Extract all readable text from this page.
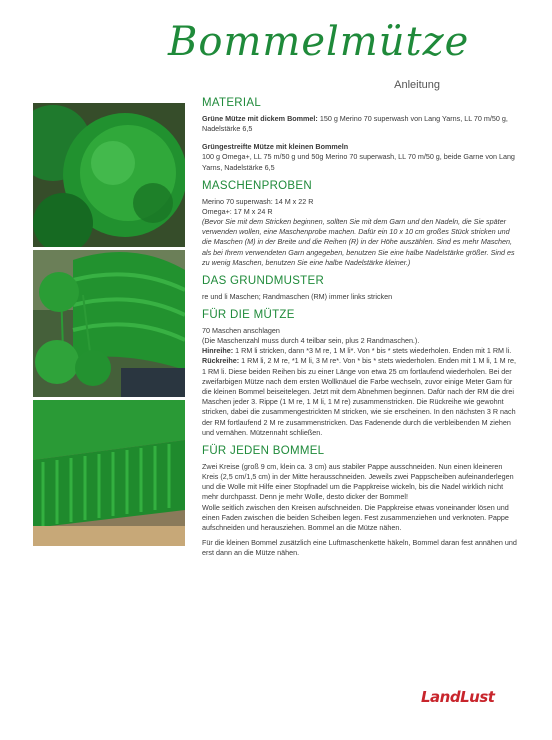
Bommelmütze
Anleitung
MATERIAL
Grüne Mütze mit dickem Bommel: 150 g Merino 70 superwash von Lang Yarns, LL 70 m/50 g, Nadelstärke 6,5
Grüngestreifte Mütze mit kleinen Bommeln
100 g Omega+, LL 75 m/50 g und 50g Merino 70 superwash, LL 70 m/50 g, beide Garne von Lang Yarns, Nadelstärke 6,5
MASCHENPROBEN
Merino 70 superwash: 14 M x 22 R
Omega+: 17 M x 24 R
(Bevor Sie mit dem Stricken beginnen, sollten Sie mit dem Garn und den Nadeln, die Sie später verwenden wollen, eine Maschenprobe machen. Dafür ein 10 x 10 cm großes Stück stricken und die Maschen (M) in der Breite und die Reihen (R) in der Höhe auszählen. Sind es mehr Maschen, als bei Ihrem verwendeten Garn angegeben, benutzen Sie eine halbe Nadelstärke größer. Sind es zu wenig Maschen, benutzen Sie eine halbe Nadelstärke kleiner.)
DAS GRUNDMUSTER
re und li Maschen; Randmaschen (RM) immer links stricken
FÜR DIE MÜTZE
70 Maschen anschlagen
(Die Maschenzahl muss durch 4 teilbar sein, plus 2 Randmaschen.).
Hinreihe: 1 RM li stricken, dann *3 M re, 1 M li*. Von * bis * stets wiederholen. Enden mit 1 RM li.
Rückreihe: 1 RM li, 2 M re, *1 M li, 3 M re*. Von * bis * stets wiederholen. Enden mit 1 M li, 1 M re, 1 RM li. Diese beiden Reihen bis zu einer Länge von etwa 25 cm fortlaufend wiederholen. Bei der zweifarbigen Mütze nach dem ersten Wollknäuel die Farbe wechseln, zuvor einige Meter Garn für die kleinen Bommel beiseitelegen. Jetzt mit dem Abnehmen beginnen. Dafür nach der RM die drei Maschen jeder 3. Rippe (1 M re, 1 M li, 1 M re) zusammenstricken. Die Rückreihe wie gewohnt stricken, dabei die zusammengestrickten M stricken, wie sie erscheinen. In den nächsten 3 R nach der RM fortlaufend 2 M re zusammenstricken. Das Fadenende durch die verbleibenden M ziehen und vernähen. Mützennaht schließen.
FÜR JEDEN BOMMEL
Zwei Kreise (groß 9 cm, klein ca. 3 cm) aus stabiler Pappe ausschneiden. Nun einen kleineren Kreis (2,5 cm/1,5 cm) in der Mitte herausschneiden. Jeweils zwei Pappscheiben aufeinanderlegen und die Wolle mit Hilfe einer Stopfnadel um die Pappkreise wickeln, bis die Nadel wirklich nicht mehr durchpasst. Denn je mehr Wolle, desto dicker der Bommel!
Wolle seitlich zwischen den Kreisen aufschneiden. Die Pappkreise etwas voneinander lösen und einen Faden zwischen die beiden Scheiben legen. Fest zusammenziehen und verknoten. Pappe aufschneiden und herausziehen. Bommel an die Mütze nähen.
Für die kleinen Bommel zusätzlich eine Luftmaschenkette häkeln, Bommel daran fest annähen und erst dann an die Mütze nähen.
LandLust
